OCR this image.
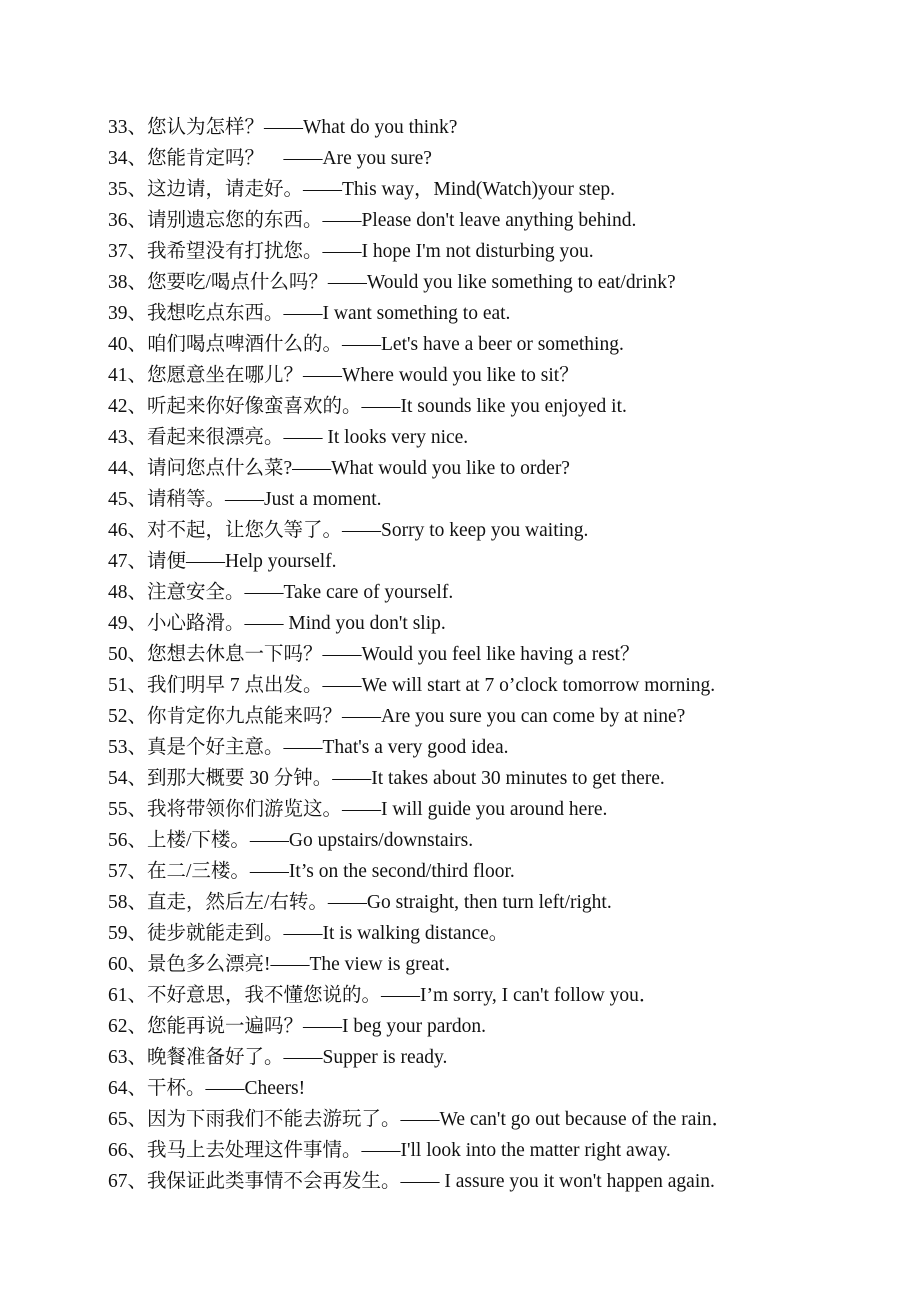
33、您认为怎样？——What do you think?
34、您能肯定吗？　——Are you sure?
35、这边请，请走好。——This way，Mind(Watch)your step.
36、请别遗忘您的东西。——Please don't leave anything behind.
37、我希望没有打扰您。——I hope I'm not disturbing you.
38、您要吃/喝点什么吗？——Would you like something to eat/drink?
39、我想吃点东西。——I want something to eat.
40、咱们喝点啤酒什么的。——Let's have a beer or something.
41、您愿意坐在哪儿？——Where would you like to sit？
42、听起来你好像蛮喜欢的。——It sounds like you enjoyed it.
43、看起来很漂亮。—— It looks very nice.
44、请问您点什么菜?——What would you like to order?
45、请稍等。——Just a moment.
46、对不起，让您久等了。——Sorry to keep you waiting.
47、请便——Help yourself.
48、注意安全。——Take care of yourself.
49、小心路滑。—— Mind you don't slip.
50、您想去休息一下吗？——Would you feel like having a rest？
51、我们明早 7 点出发。——We will start at 7 o’clock tomorrow morning.
52、你肯定你九点能来吗？——Are you sure you can come by at nine?
53、真是个好主意。——That's a very good idea.
54、到那大概要 30 分钟。——It takes about 30 minutes to get there.
55、我将带领你们游览这。——I will guide you around here.
56、上楼/下楼。——Go upstairs/downstairs.
57、在二/三楼。——It’s on the second/third floor.
58、直走，然后左/右转。——Go straight, then turn left/right.
59、徒步就能走到。——It is walking distance。
60、景色多么漂亮!——The view is great．
61、不好意思，我不懂您说的。——I’m sorry, I can't follow you．
62、您能再说一遍吗？——I beg your pardon.
63、晚餐准备好了。——Supper is ready.
64、干杯。——Cheers!
65、因为下雨我们不能去游玩了。——We can't go out because of the rain．
66、我马上去处理这件事情。——I'll look into the matter right away.
67、我保证此类事情不会再发生。—— I assure you it won't happen again.
